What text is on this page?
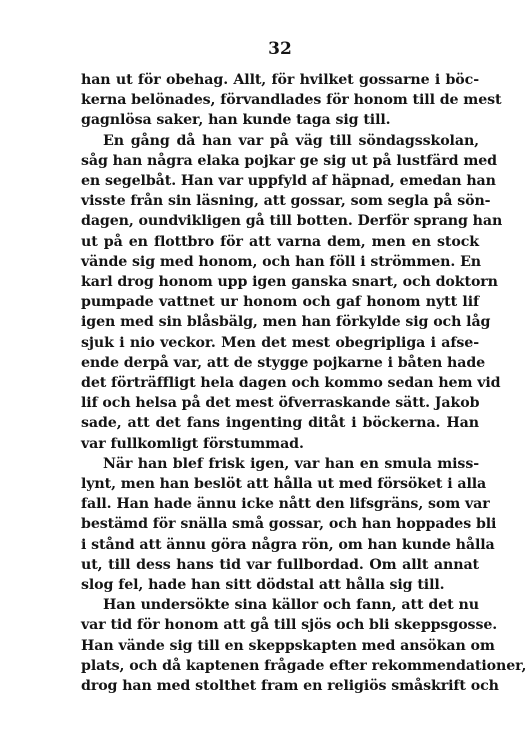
32
han ut för obehag. Allt, för hvilket gossarne i böc-
kerna belönades, förvandlades för honom till de mest
gagnlösa saker, han kunde taga sig till.
En gång då han var på väg till söndagsskolan,
såg han några elaka pojkar ge sig ut på lustfärd med
en segelbåt. Han var uppfyld af häpnad, emedan han
visste från sin läsning, att gossar, som segla på sön-
dagen, oundvikligen gå till botten. Derför sprang han
ut på en flottbro för att varna dem, men en stock
vände sig med honom, och han föll i strömmen. En
karl drog honom upp igen ganska snart, och doktorn
pumpade vattnet ur honom och gaf honom nytt lif
igen med sin blåsbälg, men han förkylde sig och låg
sjuk i nio veckor. Men det mest obegripliga i afse-
ende derpå var, att de stygge pojkarne i båten hade
det förträffligt hela dagen och kommo sedan hem vid
lif och helsa på det mest öfverraskande sätt. Jakob
sade, att det fans ingenting ditåt i böckerna. Han
var fullkomligt förstummad.
När han blef frisk igen, var han en smula miss-
lynt, men han beslöt att hålla ut med försöket i alla
fall. Han hade ännu icke nått den lifsgräns, som var
bestämd för snälla små gossar, och han hoppades bli
i stånd att ännu göra några rön, om han kunde hålla
ut, till dess hans tid var fullbordad. Om allt annat
slog fel, hade han sitt dödstal att hålla sig till.
Han undersökte sina källor och fann, att det nu
var tid för honom att gå till sjös och bli skeppsgosse.
Han vände sig till en skeppskapten med ansökan om
plats, och då kaptenen frågade efter rekommendationer,
drog han med stolthet fram en religiös småskrift och
